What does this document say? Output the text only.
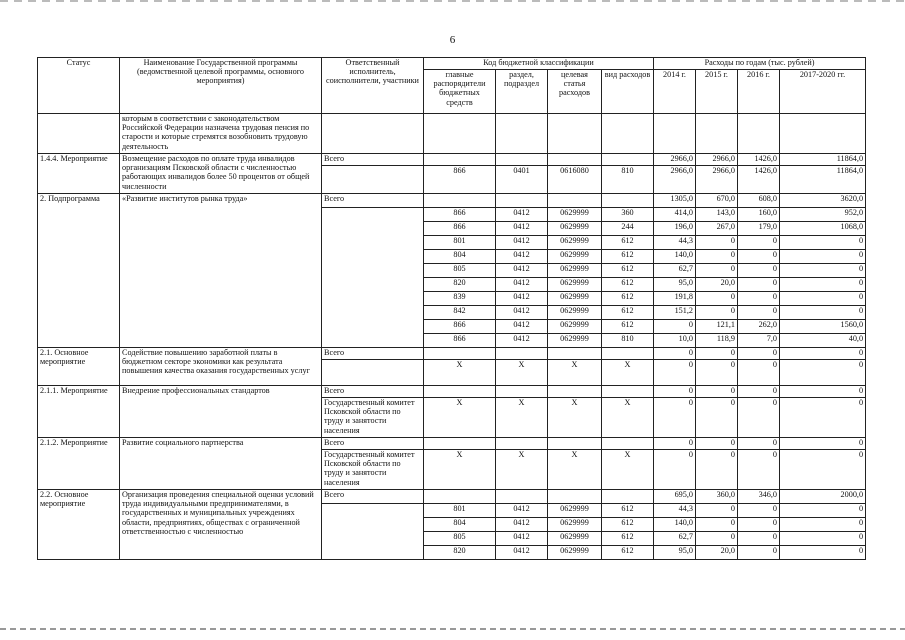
6
Статус	Наименование Государственной программы (ведомственной целевой программы, основного мероприятия)	Ответственный исполнитель, соисполнители, участники	Код бюджетной классификации				Расходы по годам (тыс. рублей)			
			главные распорядители бюджетных средств	раздел, подраздел	целевая статья расходов	вид расходов	2014 г.	2015 г.	2016 г.	2017-2020 гг.
	которым в соответствии с законодательством Российской Федерации назначена трудовая пенсия по старости и которые стремятся возобновить трудовую деятельность									
1.4.4. Мероприятие	Возмещение расходов по оплате труда инвалидов организациям Псковской области с численностью работающих инвалидов более 50 процентов от общей численности	Всего					2966,0	2966,0	1426,0	11864,0
			866	0401	0616080	810	2966,0	2966,0	1426,0	11864,0
2. Подпрограмма	«Развитие институтов рынка труда»	Всего					1305,0	670,0	608,0	3620,0
			866	0412	0629999	360	414,0	143,0	160,0	952,0
			866	0412	0629999	244	196,0	267,0	179,0	1068,0
			801	0412	0629999	612	44,3	0	0	0
			804	0412	0629999	612	140,0	0	0	0
			805	0412	0629999	612	62,7	0	0	0
			820	0412	0629999	612	95,0	20,0	0	0
			839	0412	0629999	612	191,8	0	0	0
			842	0412	0629999	612	151,2	0	0	0
			866	0412	0629999	612	0	121,1	262,0	1560,0
			866	0412	0629999	810	10,0	118,9	7,0	40,0
2.1. Основное мероприятие	Содействие повышению заработной платы в бюджетном секторе экономики как результата повышения качества оказания государственных услуг	Всего					0	0	0	0
			X	X	X	X	0	0	0	0
2.1.1. Мероприятие	Внедрение профессиональных стандартов	Всего					0	0	0	0
		Государственный комитет Псковской области по труду и занятости населения	X	X	X	X	0	0	0	0
2.1.2. Мероприятие	Развитие социального партнерства	Всего					0	0	0	0
		Государственный комитет Псковской области по труду и занятости населения	X	X	X	X	0	0	0	0
2.2. Основное мероприятие	Организация проведения специальной оценки условий труда индивидуальными предпринимателями, в государственных и муниципальных учреждениях области, предприятиях, обществах с ограниченной ответственностью с численностью	Всего					695,0	360,0	346,0	2000,0
			801	0412	0629999	612	44,3	0	0	0
			804	0412	0629999	612	140,0	0	0	0
			805	0412	0629999	612	62,7	0	0	0
			820	0412	0629999	612	95,0	20,0	0	0
